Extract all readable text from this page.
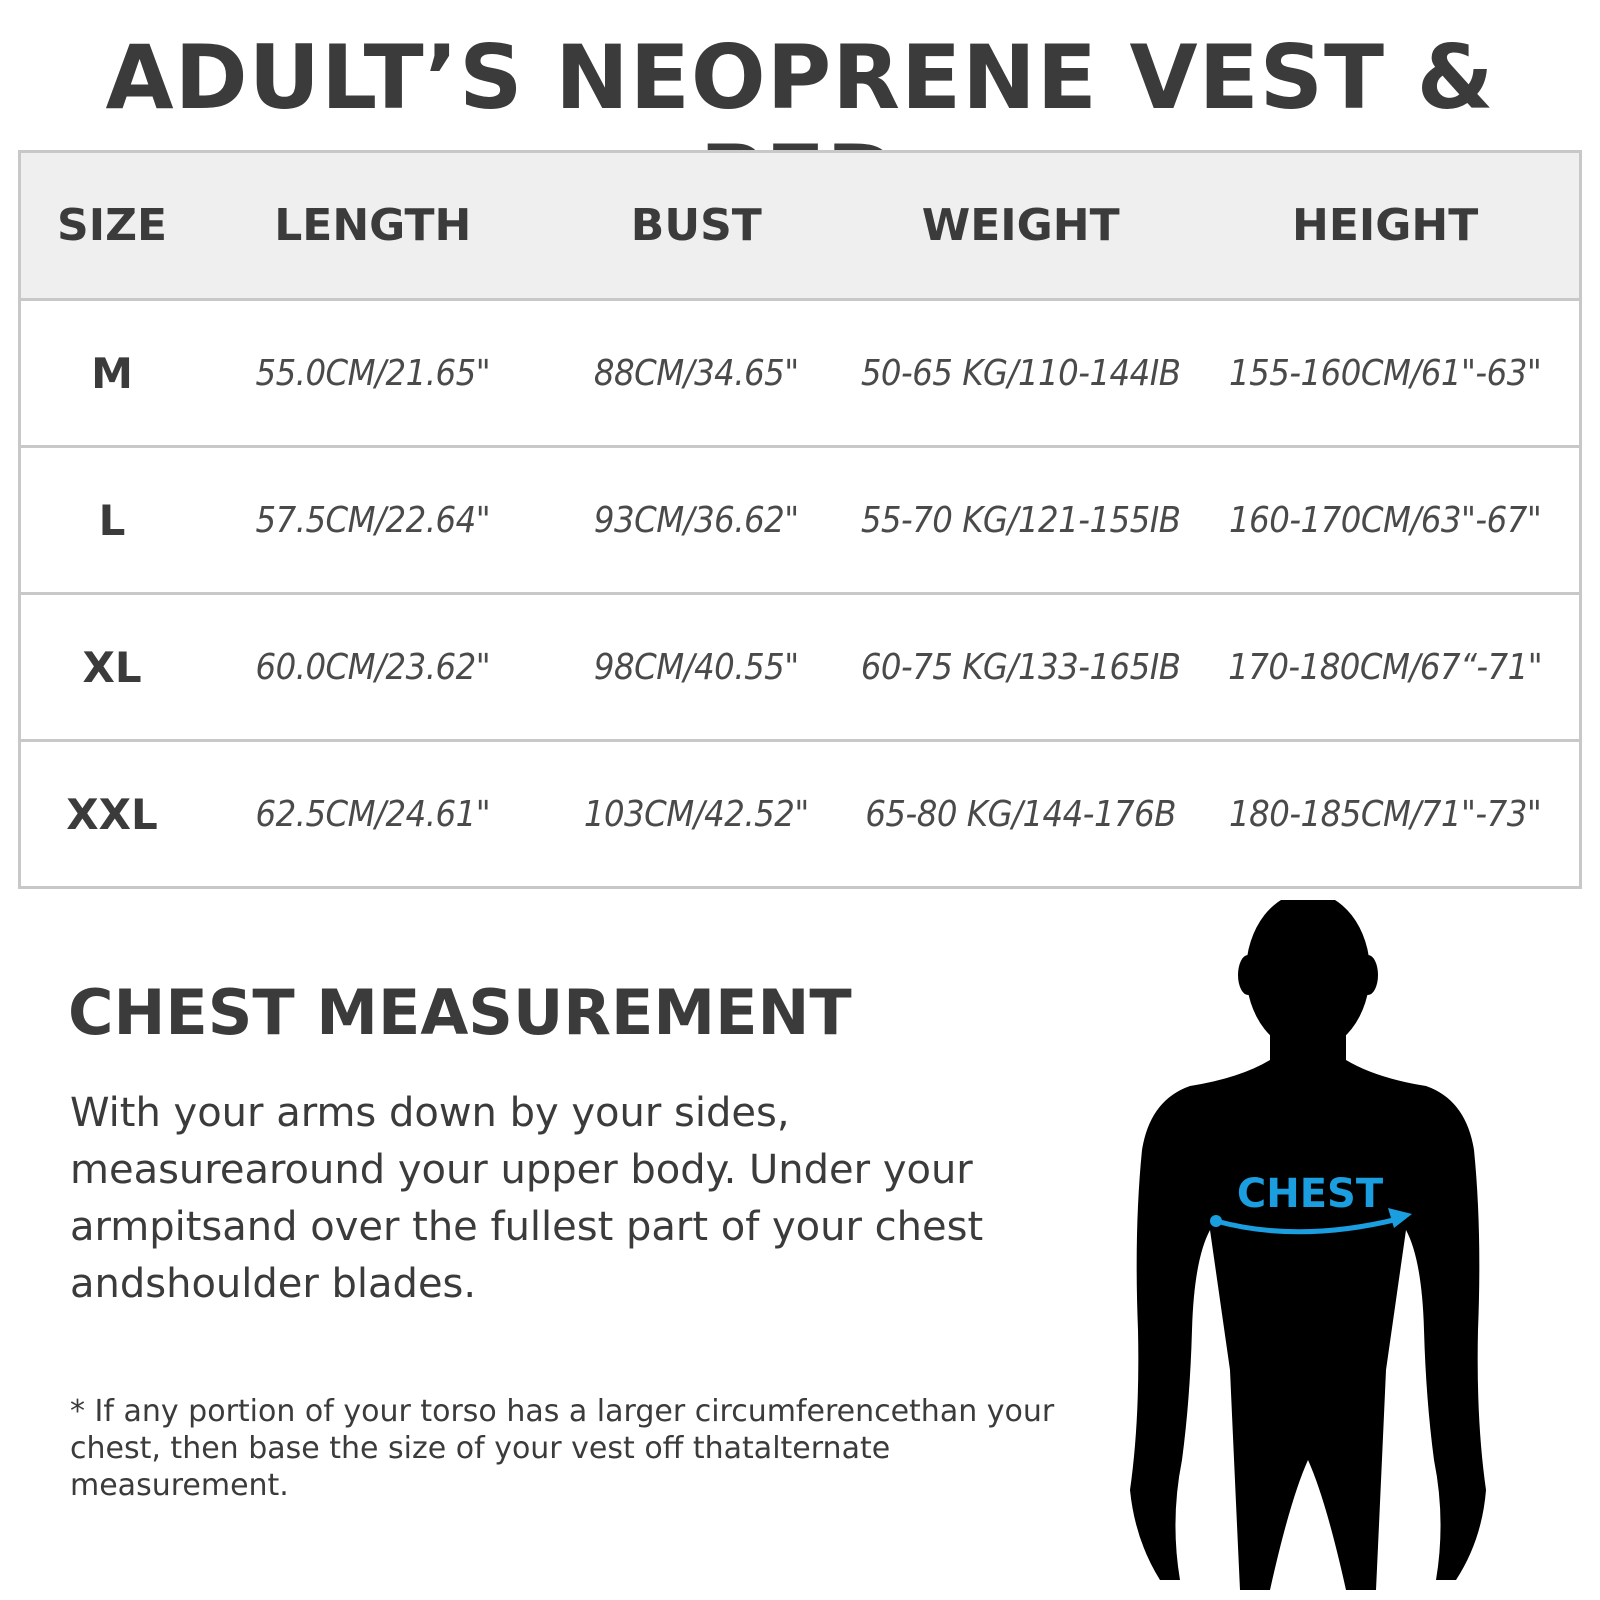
ADULT’S NEOPRENE VEST & PFD
SIZE	LENGTH	BUST	WEIGHT	HEIGHT
M	55.0CM/21.65"	88CM/34.65"	50-65 KG/110-144IB	155-160CM/61"-63"
L	57.5CM/22.64"	93CM/36.62"	55-70 KG/121-155IB	160-170CM/63"-67"
XL	60.0CM/23.62"	98CM/40.55"	60-75 KG/133-165IB	170-180CM/67“-71"
XXL	62.5CM/24.61"	103CM/42.52"	65-80 KG/144-176B	180-185CM/71"-73"
CHEST MEASUREMENT
With your arms down by your sides, measurearound your upper body. Under your armpitsand over the fullest part of your chest andshoulder blades.
* If any portion of your torso has a larger circumferencethan your chest, then base the size of your vest off thatalternate measurement.
CHEST
